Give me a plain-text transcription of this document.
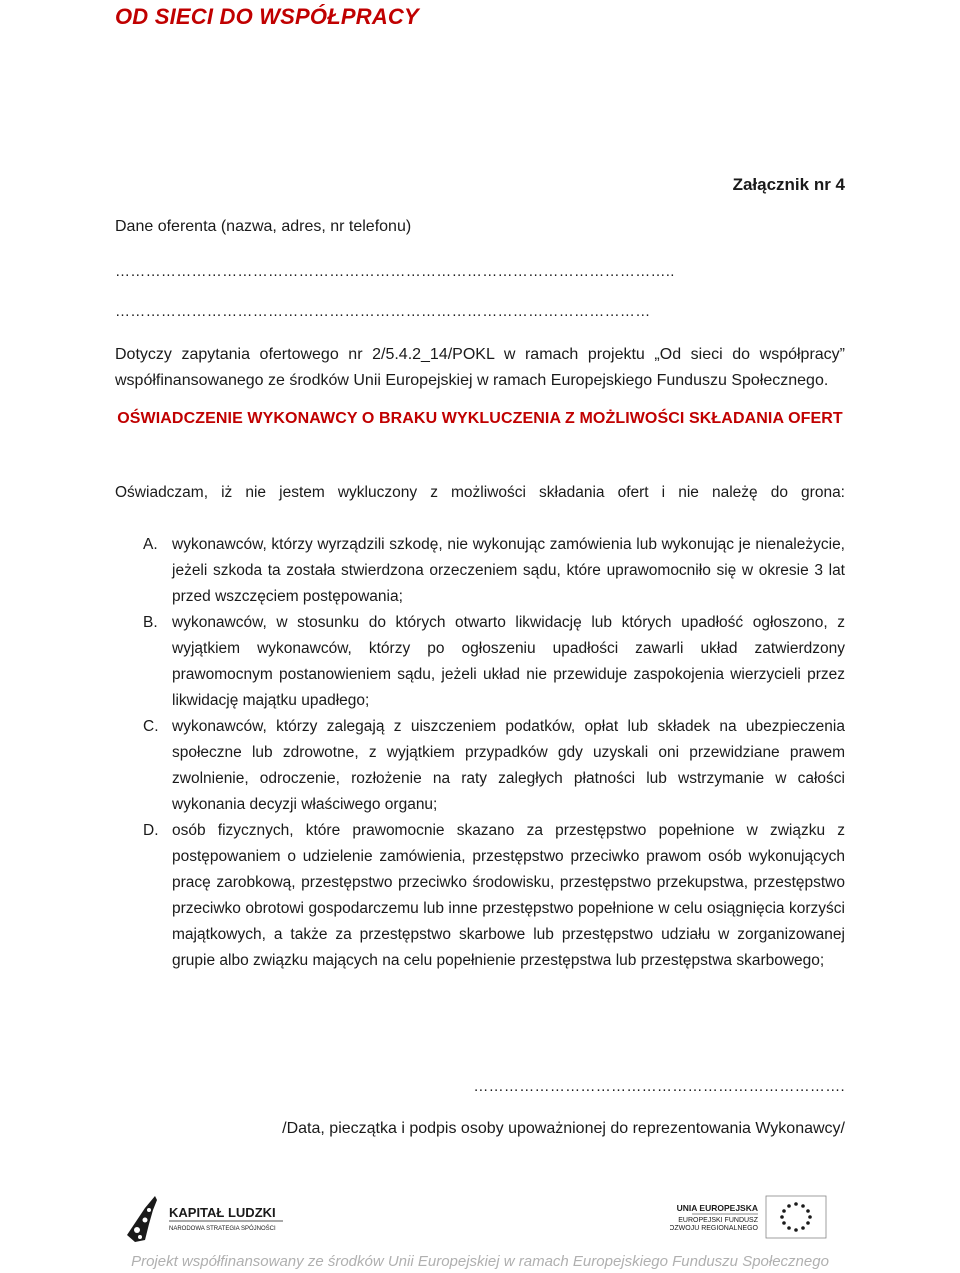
OD SIECI DO WSPÓŁPRACY
Załącznik nr 4
Dane oferenta (nazwa, adres, nr telefonu)
………………………………………………………………………………………………..
……………………………………………………………………………………………
Dotyczy zapytania ofertowego nr 2/5.4.2_14/POKL w ramach projektu „Od sieci do współpracy” współfinansowanego ze środków Unii Europejskiej w ramach Europejskiego Funduszu Społecznego.
OŚWIADCZENIE WYKONAWCY O BRAKU WYKLUCZENIA Z MOŻLIWOŚCI SKŁADANIA OFERT
Oświadczam, iż nie jestem wykluczony z możliwości składania ofert i nie należę do grona:
A. wykonawców, którzy wyrządzili szkodę, nie wykonując zamówienia lub wykonując je nienależycie, jeżeli szkoda ta została stwierdzona orzeczeniem sądu, które uprawomocniło się w okresie 3 lat przed wszczęciem postępowania;
B. wykonawców, w stosunku do których otwarto likwidację lub których upadłość ogłoszono, z wyjątkiem wykonawców, którzy po ogłoszeniu upadłości zawarli układ zatwierdzony prawomocnym postanowieniem sądu, jeżeli układ nie przewiduje zaspokojenia wierzycieli przez likwidację majątku upadłego;
C. wykonawców, którzy zalegają z uiszczeniem podatków, opłat lub składek na ubezpieczenia społeczne lub zdrowotne, z wyjątkiem przypadków gdy uzyskali oni przewidziane prawem zwolnienie, odroczenie, rozłożenie na raty zaległych płatności lub wstrzymanie w całości wykonania decyzji właściwego organu;
D. osób fizycznych, które prawomocnie skazano za przestępstwo popełnione w związku z postępowaniem o udzielenie zamówienia, przestępstwo przeciwko prawom osób wykonujących pracę zarobkową, przestępstwo przeciwko środowisku, przestępstwo przekupstwa, przestępstwo przeciwko obrotowi gospodarczemu lub inne przestępstwo popełnione w celu osiągnięcia korzyści majątkowych, a także za przestępstwo skarbowe lub przestępstwo udziału w zorganizowanej grupie albo związku mających na celu popełnienie przestępstwa lub przestępstwa skarbowego;
……………………………………………………………….
/Data, pieczątka i podpis osoby upoważnionej do reprezentowania Wykonawcy/
KAPITAŁ LUDZKI
NARODOWA STRATEGIA SPÓJNOŚCI
UNIA EUROPEJSKA
EUROPEJSKI FUNDUSZ
ROZWOJU REGIONALNEGO
Projekt współfinansowany ze środków Unii Europejskiej w ramach Europejskiego Funduszu Społecznego
